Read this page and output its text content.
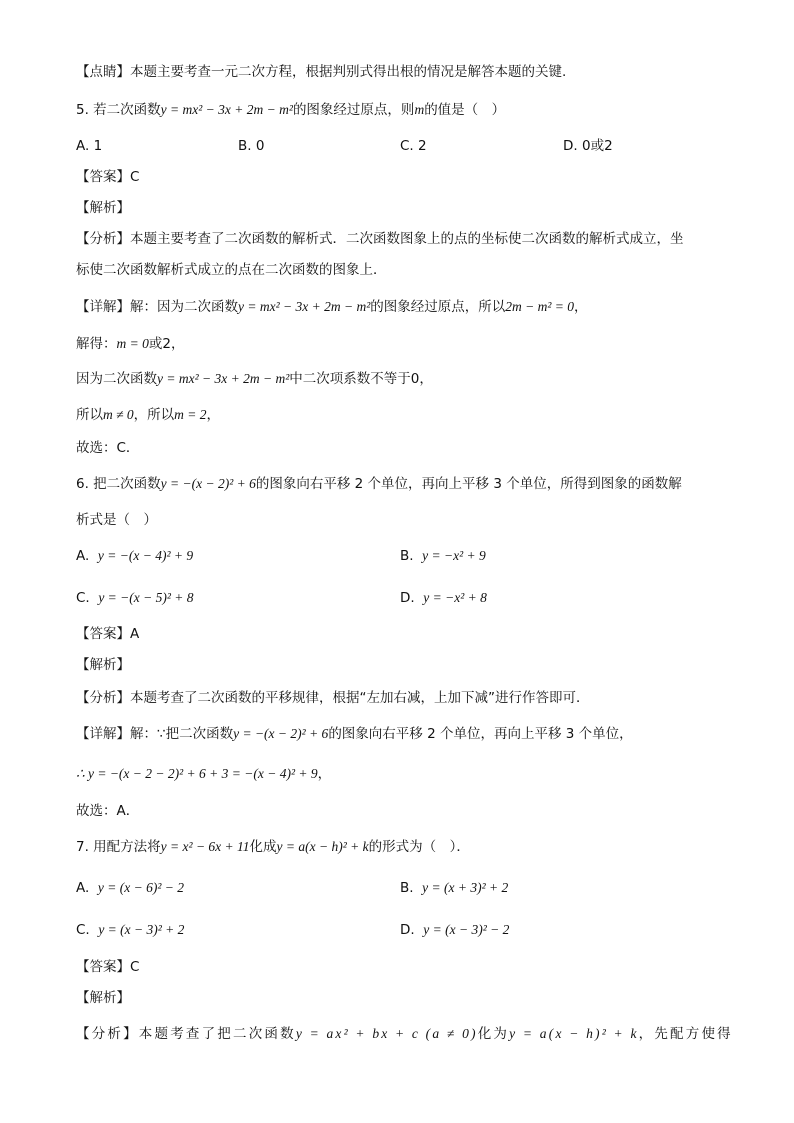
【点睛】本题主要考查一元二次方程，根据判别式得出根的情况是解答本题的关键.
5. 若二次函数y = mx² − 3x + 2m − m²的图象经过原点，则m的值是（　）
A. 1	B. 0	C. 2	D. 0或2
【答案】C
【解析】
【分析】本题主要考查了二次函数的解析式．二次函数图象上的点的坐标使二次函数的解析式成立，坐
标使二次函数解析式成立的点在二次函数的图象上．
【详解】解：因为二次函数y = mx² − 3x + 2m − m²的图象经过原点，所以2m − m² = 0，
解得：m = 0或2，
因为二次函数y = mx² − 3x + 2m − m²中二次项系数不等于0，
所以m ≠ 0，所以m = 2，
故选：C．
6. 把二次函数y = −(x − 2)² + 6的图象向右平移 2 个单位，再向上平移 3 个单位，所得到图象的函数解
析式是（　）
A. y = −(x − 4)² + 9	B. y = −x² + 9
C. y = −(x − 5)² + 8	D. y = −x² + 8
【答案】A
【解析】
【分析】本题考查了二次函数的平移规律，根据“左加右减，上加下减”进行作答即可．
【详解】解：∵把二次函数y = −(x − 2)² + 6的图象向右平移 2 个单位，再向上平移 3 个单位，
∴ y = −(x − 2 − 2)² + 6 + 3 = −(x − 4)² + 9，
故选：A．
7. 用配方法将y = x² − 6x + 11化成y = a(x − h)² + k的形式为（　）．
A. y = (x − 6)² − 2	B. y = (x + 3)² + 2
C. y = (x − 3)² + 2	D. y = (x − 3)² − 2
【答案】C
【解析】
【分析】本题考查了把二次函数y = ax² + bx + c (a ≠ 0)化为y = a(x − h)² + k，先配方使得
